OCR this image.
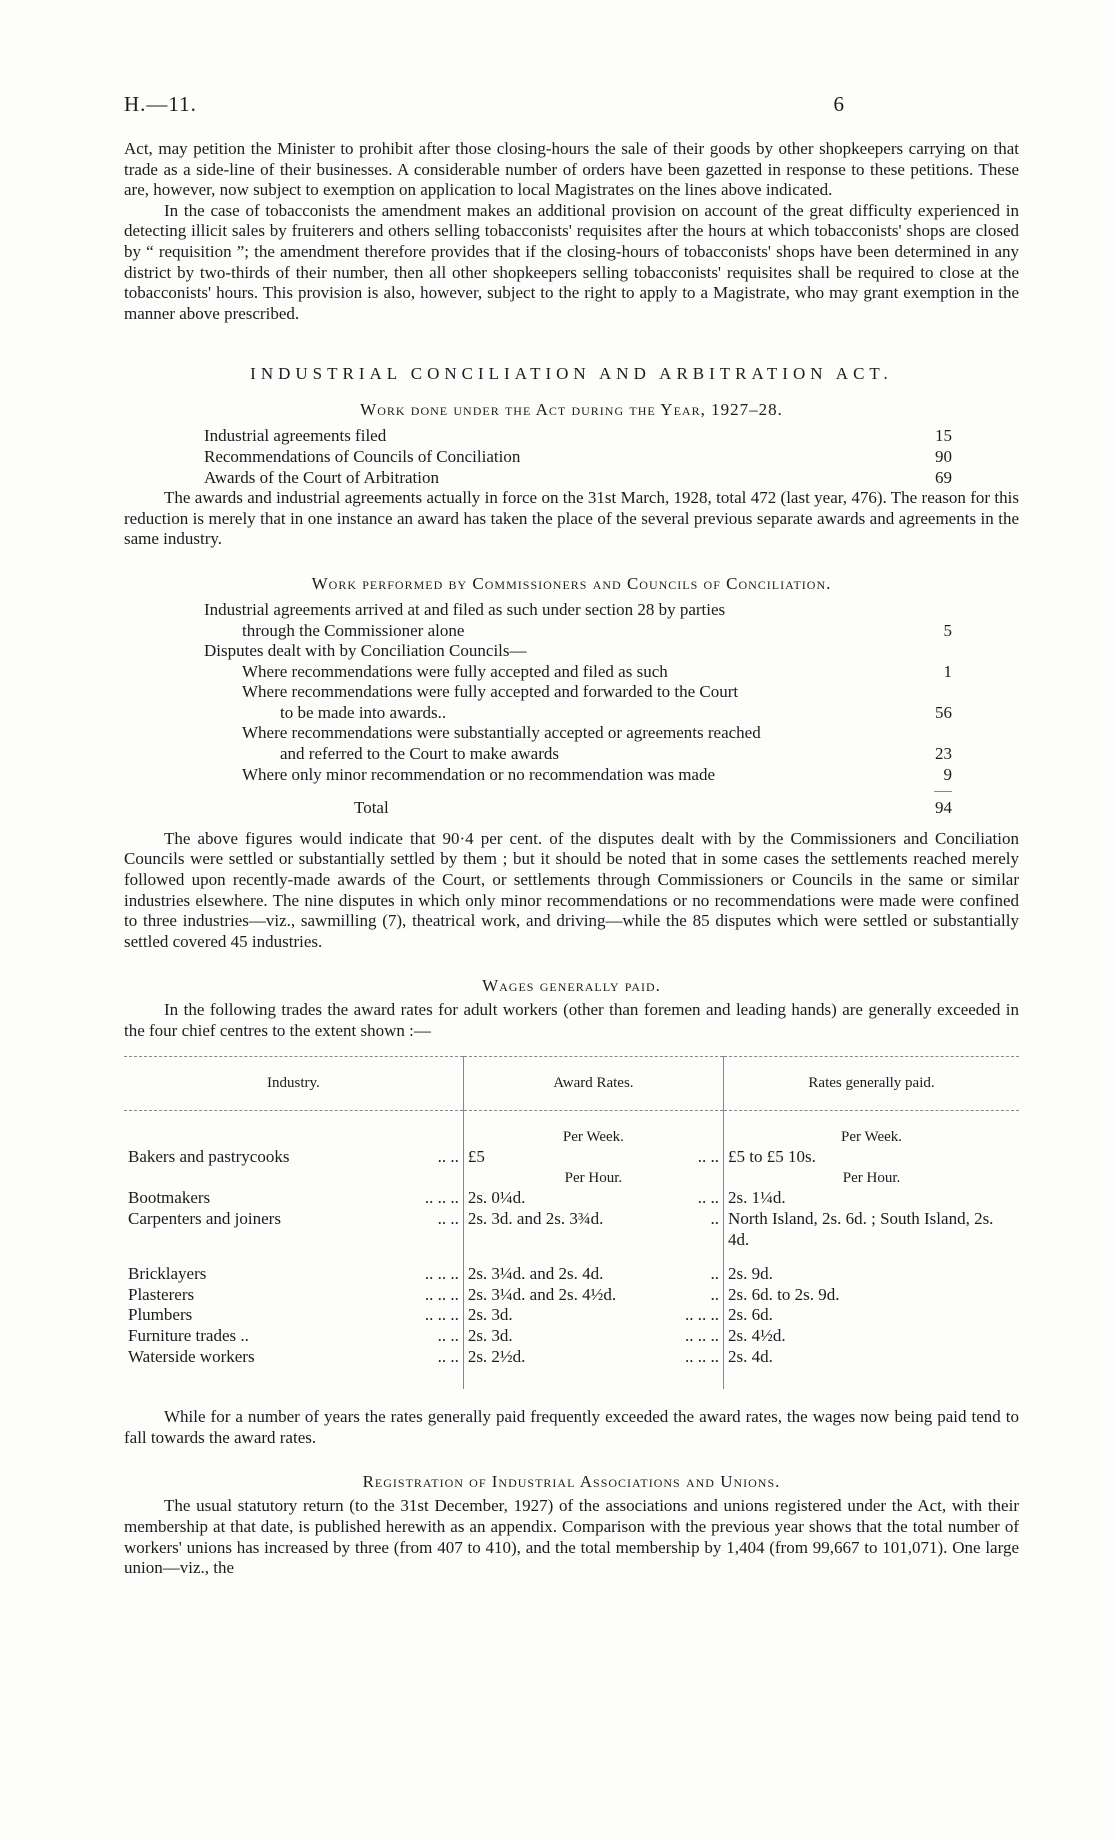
H.—11.	6

Act, may petition the Minister to prohibit after those closing-hours the sale of their goods by other shopkeepers carrying on that trade as a side-line of their businesses. A considerable number of orders have been gazetted in response to these petitions. These are, however, now subject to exemption on application to local Magistrates on the lines above indicated.

In the case of tobacconists the amendment makes an additional provision on account of the great difficulty experienced in detecting illicit sales by fruiterers and others selling tobacconists' requisites after the hours at which tobacconists' shops are closed by “ requisition ”; the amendment therefore provides that if the closing-hours of tobacconists' shops have been determined in any district by two-thirds of their number, then all other shopkeepers selling tobacconists' requisites shall be required to close at the tobacconists' hours. This provision is also, however, subject to the right to apply to a Magistrate, who may grant exemption in the manner above prescribed.

INDUSTRIAL CONCILIATION AND ARBITRATION ACT.
Work done under the Act during the Year, 1927–28.
Industrial agreements filed	15
Recommendations of Councils of Conciliation	90
Awards of the Court of Arbitration	69

The awards and industrial agreements actually in force on the 31st March, 1928, total 472 (last year, 476). The reason for this reduction is merely that in one instance an award has taken the place of the several previous separate awards and agreements in the same industry.

Work performed by Commissioners and Councils of Conciliation.
Industrial agreements arrived at and filed as such under section 28 by parties
through the Commissioner alone	5
Disputes dealt with by Conciliation Councils—
Where recommendations were fully accepted and filed as such	1
Where recommendations were fully accepted and forwarded to the Court
to be made into awards..	56
Where recommendations were substantially accepted or agreements reached
and referred to the Court to make awards	23
Where only minor recommendation or no recommendation was made	9
Total	94

The above figures would indicate that 90·4 per cent. of the disputes dealt with by the Commissioners and Conciliation Councils were settled or substantially settled by them ; but it should be noted that in some cases the settlements reached merely followed upon recently-made awards of the Court, or settlements through Commissioners or Councils in the same or similar industries elsewhere. The nine disputes in which only minor recommendations or no recommendations were made were confined to three industries—viz., sawmilling (7), theatrical work, and driving—while the 85 disputes which were settled or substantially settled covered 45 industries.

Wages generally paid.

In the following trades the award rates for adult workers (other than foremen and leading hands) are generally exceeded in the four chief centres to the extent shown :—

Industry.	Award Rates.	Rates generally paid.

	Per Week.	Per Week.

Bakers and pastrycooks .. ..	£5 .. ..	£5 to £5 10s.

	Per Hour.	Per Hour.

Bootmakers .. .. ..	2s. 0¼d. .. ..	2s. 1¼d.

Carpenters and joiners .. ..	2s. 3d. and 2s. 3¾d. ..	North Island, 2s. 6d. ; South Island, 2s. 4d.

Bricklayers .. .. ..	2s. 3¼d. and 2s. 4d. ..	2s. 9d.

Plasterers .. .. ..	2s. 3¼d. and 2s. 4½d. ..	2s. 6d. to 2s. 9d.

Plumbers .. .. ..	2s. 3d. .. .. ..	2s. 6d.

Furniture trades .. .. ..	2s. 3d. .. .. ..	2s. 4½d.

Waterside workers .. ..	2s. 2½d. .. .. ..	2s. 4d.

While for a number of years the rates generally paid frequently exceeded the award rates, the wages now being paid tend to fall towards the award rates.

Registration of Industrial Associations and Unions.

The usual statutory return (to the 31st December, 1927) of the associations and unions registered under the Act, with their membership at that date, is published herewith as an appendix. Comparison with the previous year shows that the total number of workers' unions has increased by three (from 407 to 410), and the total membership by 1,404 (from 99,667 to 101,071). One large union—viz., the
